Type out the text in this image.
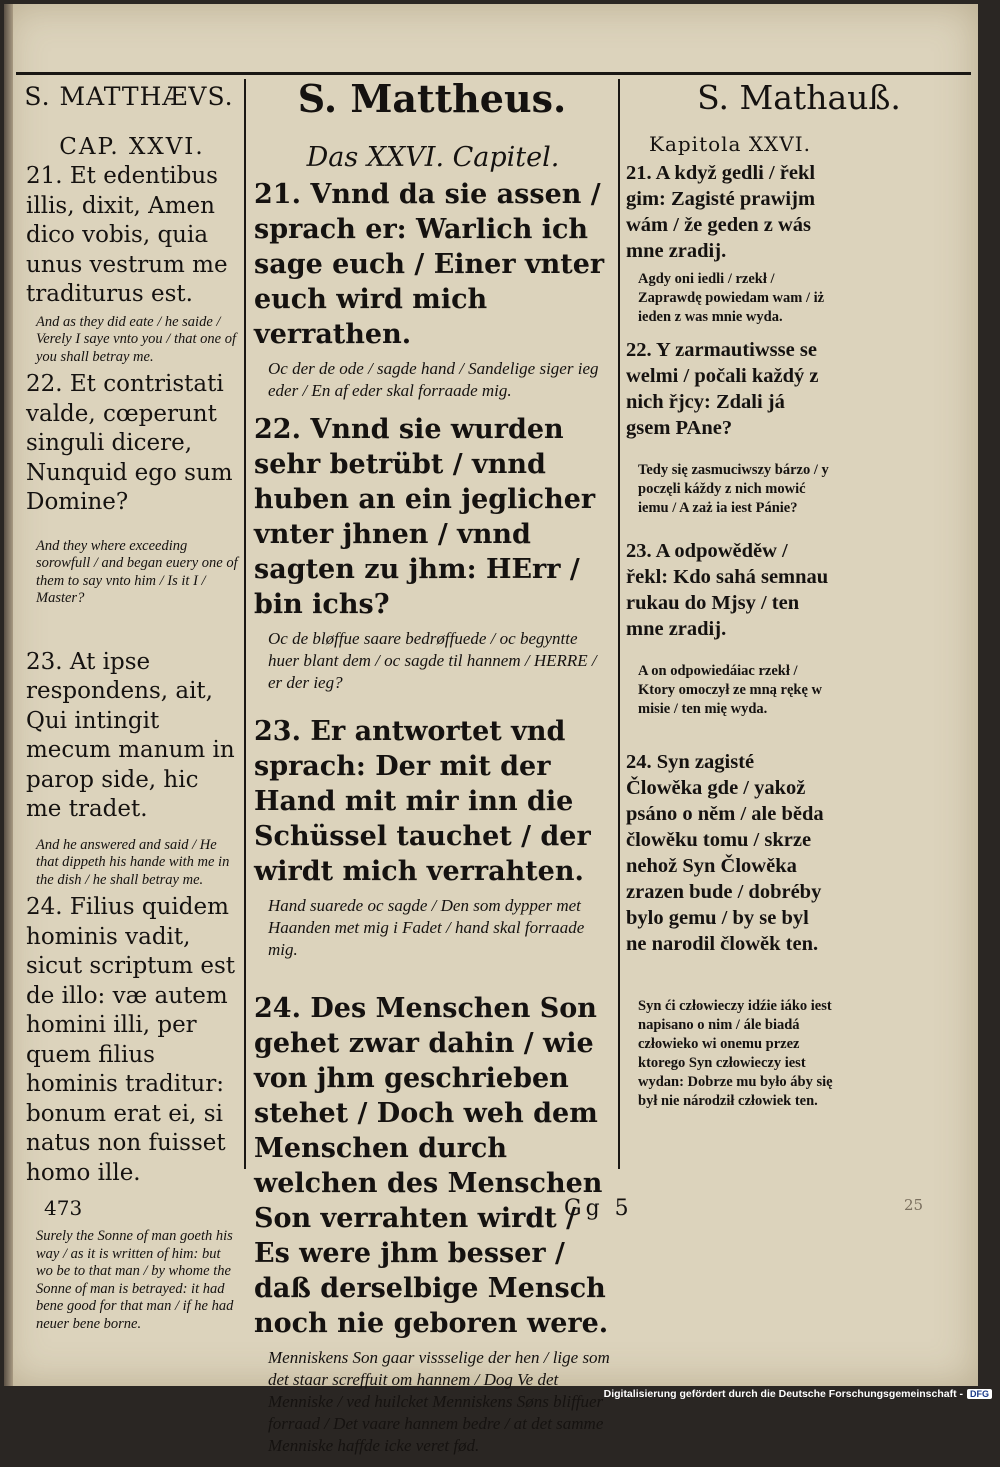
S. MATTHÆVS.	S. Mattheus.	S. Mathauß.
CAP. XXVI.
21. Et edentibus illis, dixit, Amen dico vobis, quia unus vestrum me traditurus est.
And as they did eate / he saide / Verely I saye vnto you / that one of you shall betray me.
22. Et contristati valde, cœperunt singuli dicere, Nunquid ego sum Domine?
And they where exceeding sorowfull / and began euery one of them to say vnto him / Is it I / Master?
23. At ipse respondens, ait, Qui intingit mecum manum in parop side, hic me tradet.
And he answered and said / He that dippeth his hande with me in the dish / he shall betray me.
24. Filius quidem hominis vadit, sicut scriptum est de illo: væ autem homini illi, per quem filius hominis traditur: bonum erat ei, si natus non fuisset homo ille.
Surely the Sonne of man goeth his way / as it is written of him: but wo be to that man / by whome the Sonne of man is betrayed: it had bene good for that man / if he had neuer bene borne.
Das XXVI. Capitel.
21. Vnnd da sie assen / sprach er: Warlich ich sage euch / Einer vnter euch wird mich verrathen.
Oc der de ode / sagde hand / Sandelige siger ieg eder / En af eder skal forraade mig.
22. Vnnd sie wurden sehr betrübt / vnnd huben an ein jeglicher vnter jhnen / vnnd sagten zu jhm: HErr / bin ichs?
Oc de bløffue saare bedrøffuede / oc begyntte huer blant dem / oc sagde til hannem / HERRE / er der ieg?
23. Er antwortet vnd sprach: Der mit der Hand mit mir inn die Schüssel tauchet / der wirdt mich verrahten.
Hand suarede oc sagde / Den som dypper met Haanden met mig i Fadet / hand skal forraade mig.
24. Des Menschen Son gehet zwar dahin / wie von jhm geschrieben stehet / Doch weh dem Menschen durch welchen des Menschen Son verrahten wirdt / Es were jhm besser / daß derselbige Mensch noch nie geboren were.
Menniskens Son gaar vissselige der hen / lige som det staar screffuit om hannem / Dog Ve det Menniske / ved huilcket Menniskens Søns bliffuer forraad / Det vaare hannem bedre / at det samme Menniske haffde icke veret fød.
Kapitola XXVI.
21. A když gedli / řekl gim: Zagisté prawijm wám / že geden z wás mne zradij.
Agdy oni iedli / rzekł / Zaprawdę powiedam wam / iż ieden z was mnie wyda.
22. Y zarmautiwsse se welmi / počali každý z nich řjcy: Zdali já gsem PAne?
Tedy się zasmuciwszy bárzo / y poczęli káždy z nich mowić iemu / A zaż ia iest Pánie?
23. A odpowěděw / řekl: Kdo sahá semnau rukau do Mjsy / ten mne zradij.
A on odpowiedáiac rzekł / Ktory omoczył ze mną rękę w misie / ten mię wyda.
24. Syn zagisté Člowěka gde / yakož psáno o něm / ale běda člowěku tomu / skrze nehož Syn Člowěka zrazen bude / dobréby bylo gemu / by se byl ne narodil člowěk ten.
Syn ći człowieczy idźie iáko iest napisano o nim / ále biadá człowieko wi onemu przez ktorego Syn człowieczy iest wydan: Dobrze mu było áby się był nie národził człowiek ten.
473	Gg 5	25
Digitalisierung gefördert durch die Deutsche Forschungsgemeinschaft - DFG
